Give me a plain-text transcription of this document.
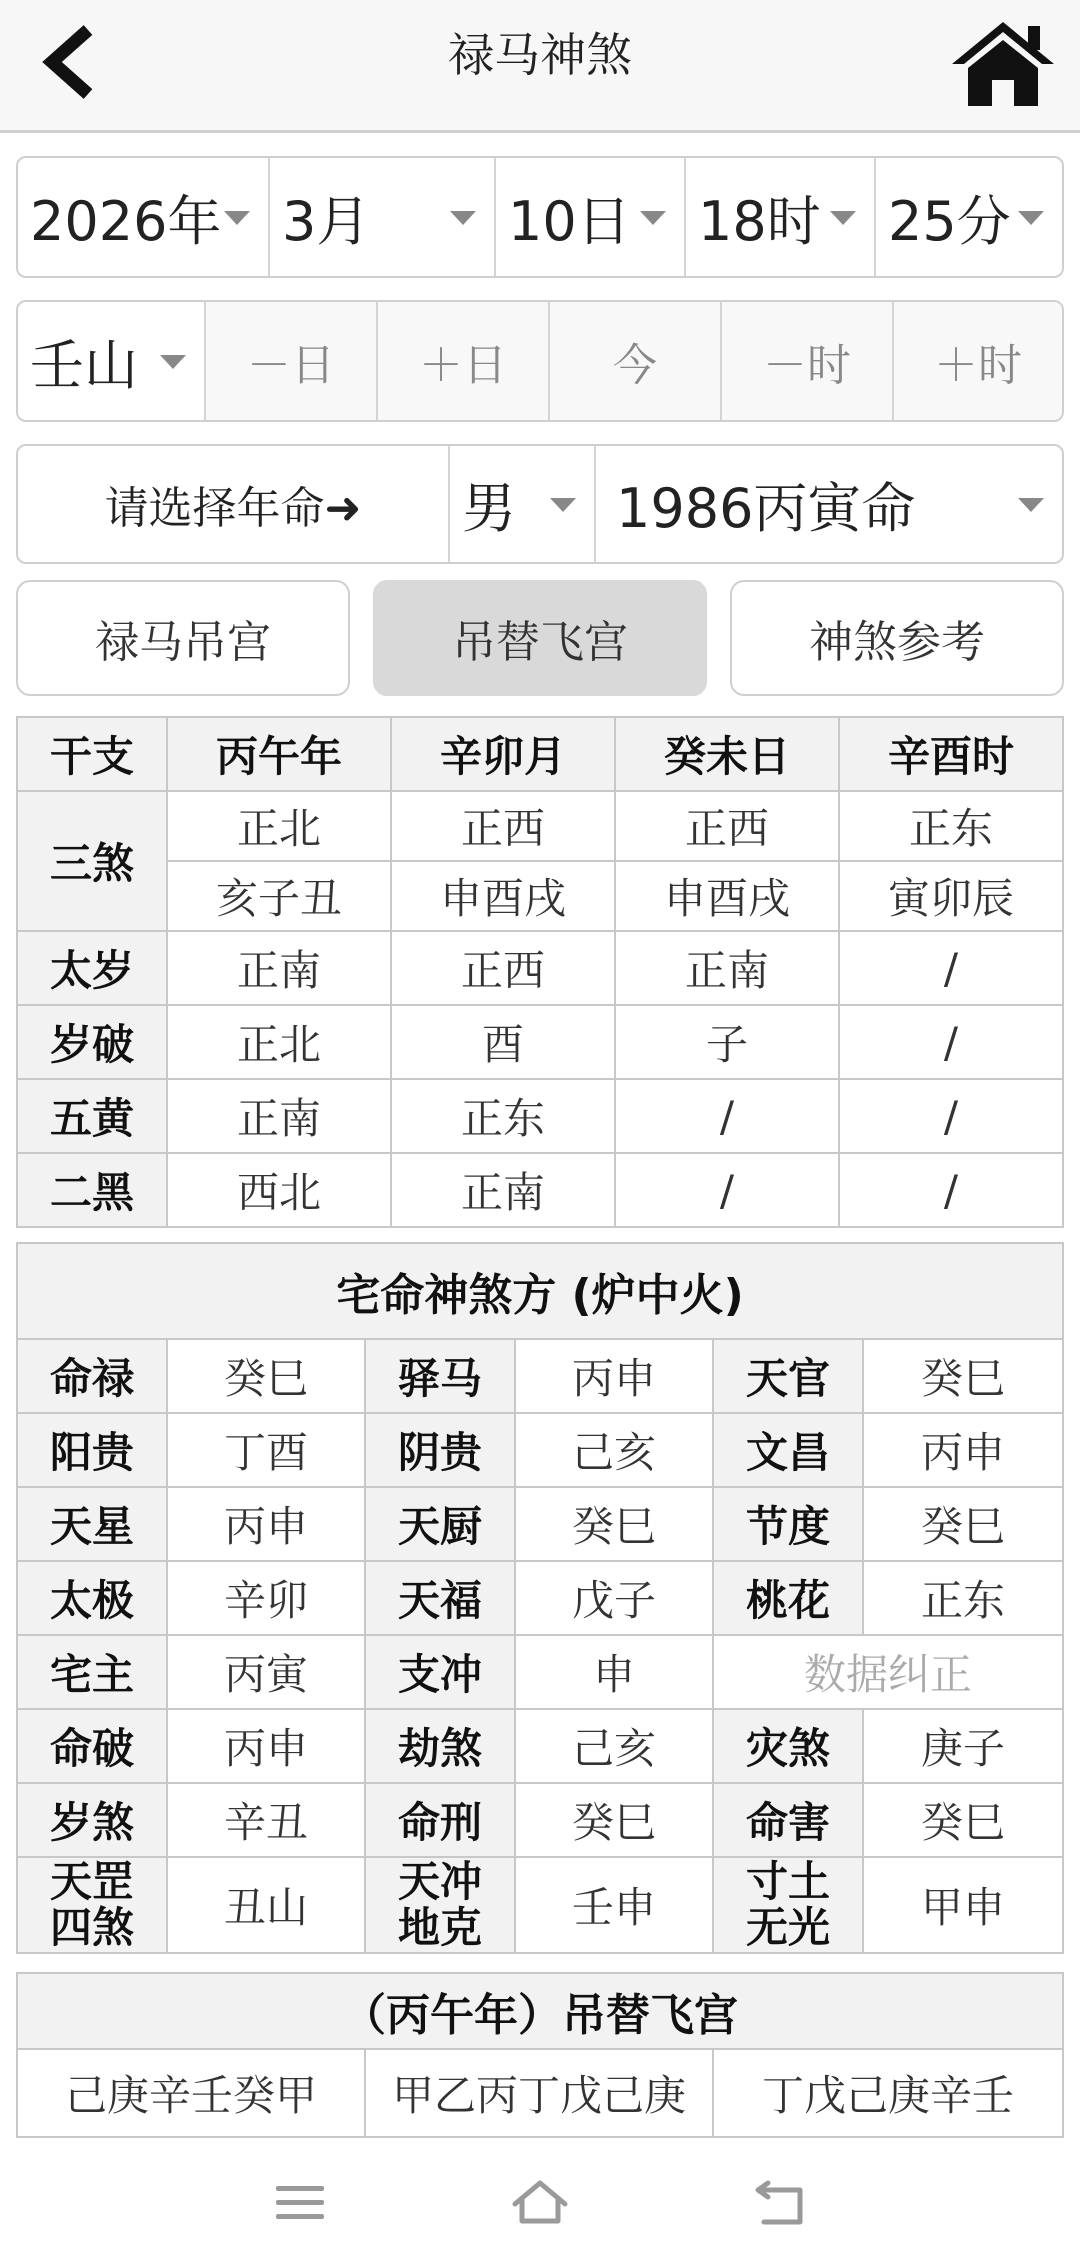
禄马神煞
2026年 3月	10日 18时 25分
壬山	－日	＋日	今	－时	＋时
请选择年命➜	男 1986丙寅命
禄马吊宫	吊替飞宫	神煞参考
干支	丙午年	辛卯月	癸未日	辛酉时
三煞	正北	正西	正西	正东
	亥子丑	申酉戌	申酉戌	寅卯辰
太岁	正南	正西	正南	/
岁破	正北	酉	子	/
五黄	正南	正东	/	/
二黑	西北	正南	/	/
宅命神煞方 (炉中火)					
命禄	癸巳	驿马	丙申	天官	癸巳
阳贵	丁酉	阴贵	己亥	文昌	丙申
天星	丙申	天厨	癸巳	节度	癸巳
太极	辛卯	天福	戊子	桃花	正东
宅主	丙寅	支冲	申	数据纠正	
命破	丙申	劫煞	己亥	灾煞	庚子
岁煞	辛丑	命刑	癸巳	命害	癸巳
天罡四煞	丑山	天冲地克	壬申	寸土无光	甲申
（丙午年）吊替飞宫
己庚辛壬癸甲	甲乙丙丁戊己庚	丁戊己庚辛壬
